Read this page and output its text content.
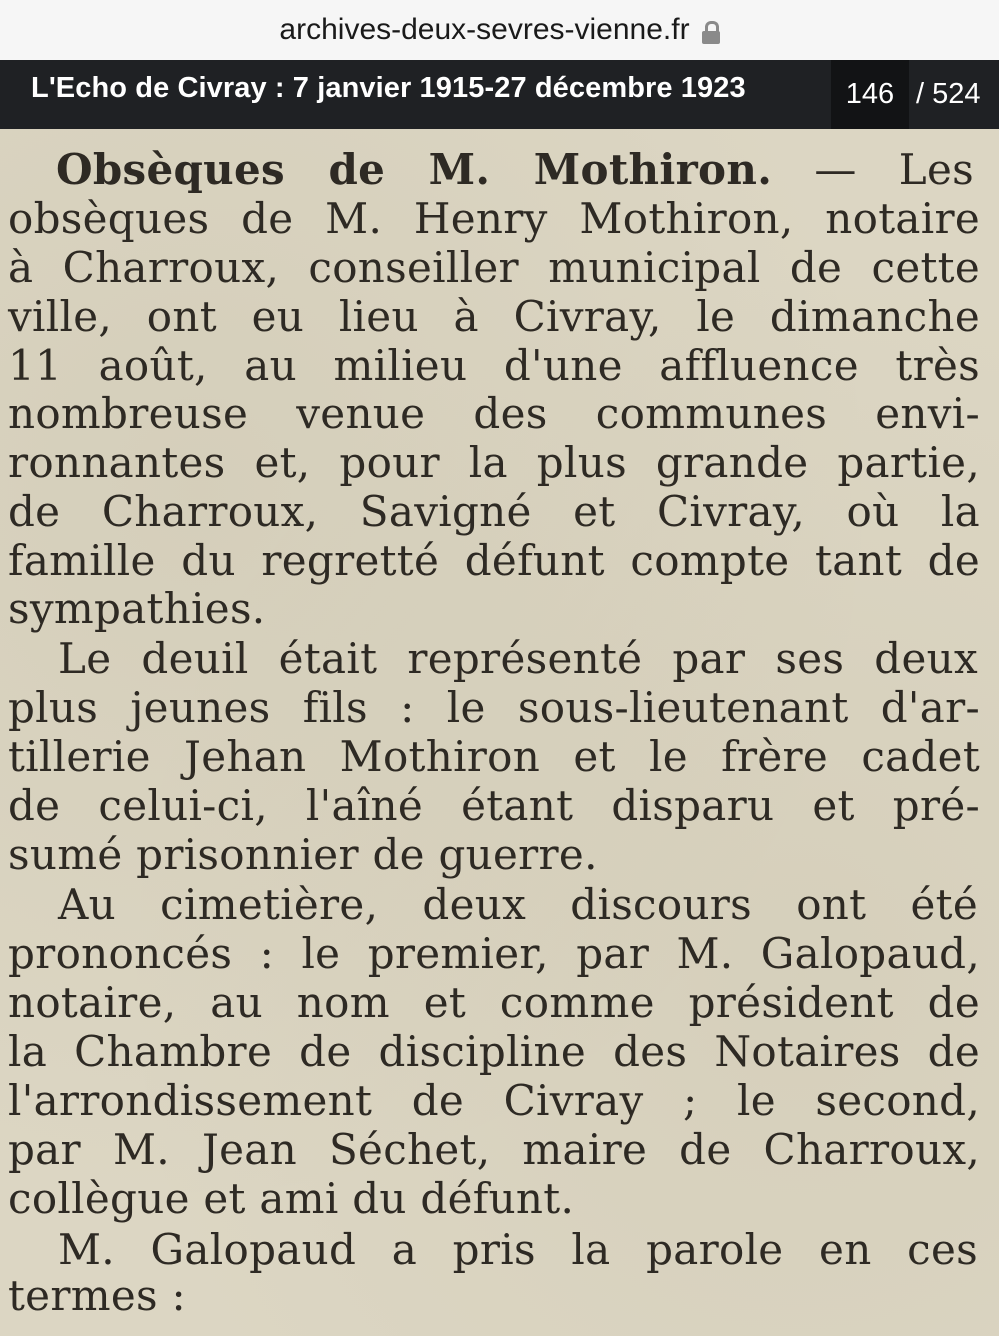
archives-deux-sevres-vienne.fr
L'Echo de Civray : 7 janvier 1915-27 décembre 1923	146 / 524
Obsèques de M. Mothiron. — Les
obsèques de M. Henry Mothiron, notaire
à Charroux, conseiller municipal de cette
ville, ont eu lieu à Civray, le dimanche
11 août, au milieu d'une affluence très
nombreuse venue des communes envi-
ronnantes et, pour la plus grande partie,
de Charroux, Savigné et Civray, où la
famille du regretté défunt compte tant de
sympathies.
Le deuil était représenté par ses deux
plus jeunes fils : le sous-lieutenant d'ar-
tillerie Jehan Mothiron et le frère cadet
de celui-ci, l'aîné étant disparu et pré-
sumé prisonnier de guerre.
Au cimetière, deux discours ont été
prononcés : le premier, par M. Galopaud,
notaire, au nom et comme président de
la Chambre de discipline des Notaires de
l'arrondissement de Civray ; le second,
par M. Jean Séchet, maire de Charroux,
collègue et ami du défunt.
M. Galopaud a pris la parole en ces
termes :
